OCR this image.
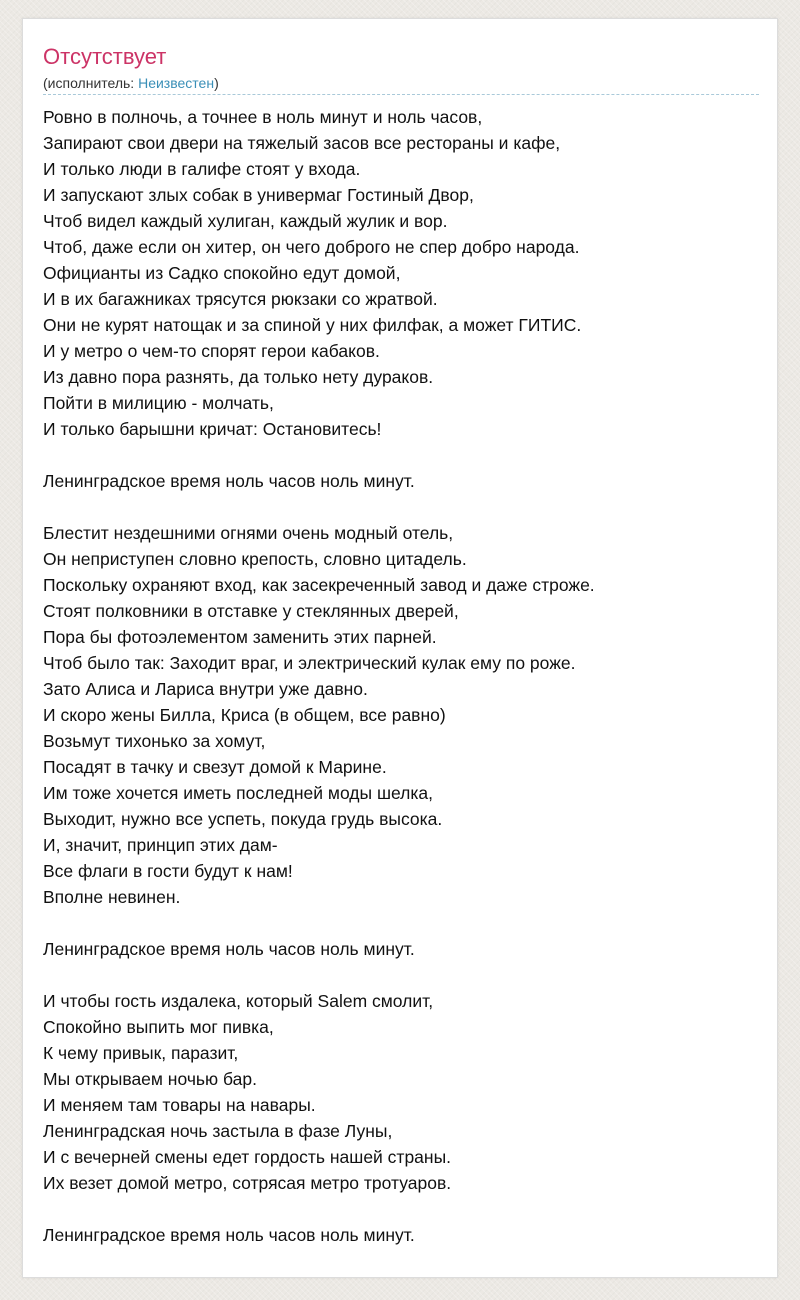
Отсутствует
(исполнитель: Неизвестен)
Ровно в полночь, а точнее в ноль минут и ноль часов,
Запирают свои двери на тяжелый засов все рестораны и кафе,
И только люди в галифе стоят у входа.
И запускают злых собак в универмаг Гостиный Двор,
Чтоб видел каждый хулиган, каждый жулик и вор.
Чтоб, даже если он хитер, он чего доброго не спер добро народа.
Официанты из Садко спокойно едут домой,
И в их багажниках трясутся рюкзаки со жратвой.
Они не курят натощак и за спиной у них филфак, а может ГИТИС.
И у метро о чем-то спорят герои кабаков.
Из давно пора разнять, да только нету дураков.
Пойти в милицию - молчать,
И только барышни кричат: Остановитесь!
Ленинградское время ноль часов ноль минут.
Блестит нездешними огнями очень модный отель,
Он неприступен словно крепость, словно цитадель.
Поскольку охраняют вход, как засекреченный завод и даже строже.
Стоят полковники в отставке у стеклянных дверей,
Пора бы фотоэлементом заменить этих парней.
Чтоб было так: Заходит враг, и электрический кулак ему по роже.
Зато Алиса и Лариса внутри уже давно.
И скоро жены Билла, Криса (в общем, все равно)
Возьмут тихонько за хомут,
Посадят в тачку и свезут домой к Марине.
Им тоже хочется иметь последней моды шелка,
Выходит, нужно все успеть, покуда грудь высока.
И, значит, принцип этих дам-
Все флаги в гости будут к нам!
Вполне невинен.
Ленинградское время ноль часов ноль минут.
И чтобы гость издалека, который Salem смолит,
Спокойно выпить мог пивка,
К чему привык, паразит,
Мы открываем ночью бар.
И меняем там товары на навары.
Ленинградская ночь застыла в фазе Луны,
И с вечерней смены едет гордость нашей страны.
Их везет домой метро, сотрясая метро тротуаров.
Ленинградское время ноль часов ноль минут.
